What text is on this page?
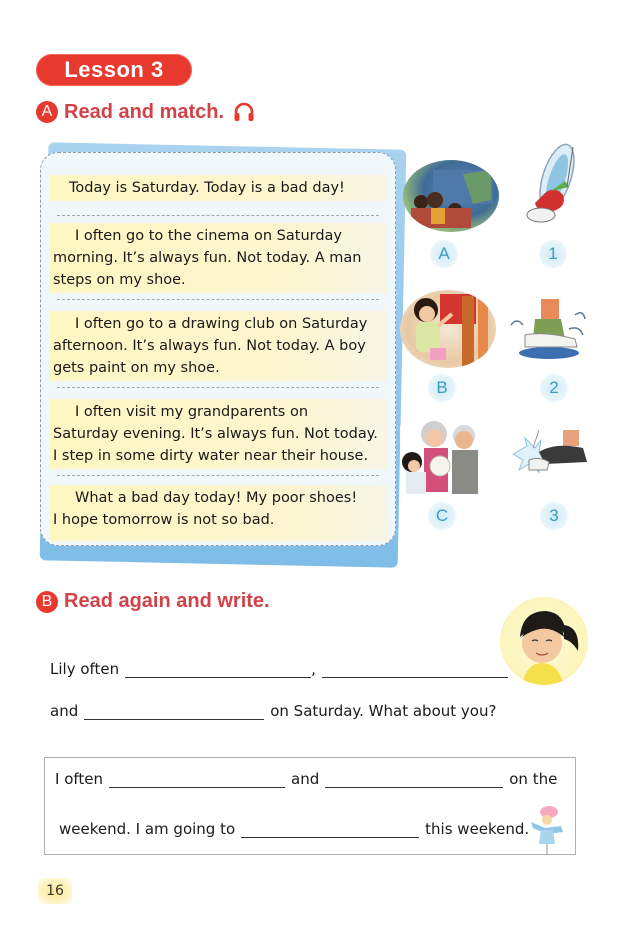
Lesson 3
A Read and match.
Today is Saturday. Today is a bad day!
I often go to the cinema on Saturday
morning. It’s always fun. Not today. A man
steps on my shoe.
I often go to a drawing club on Saturday
afternoon. It’s always fun. Not today. A boy
gets paint on my shoe.
I often visit my grandparents on
Saturday evening. It’s always fun. Not today.
I step in some dirty water near their house.
What a bad day today! My poor shoes!
I hope tomorrow is not so bad.
A	1
B	2
C	3
B Read again and write.
Lily often	,
and	on Saturday. What about you?
I often	and	on the
weekend. I am going to	this weekend.
16
